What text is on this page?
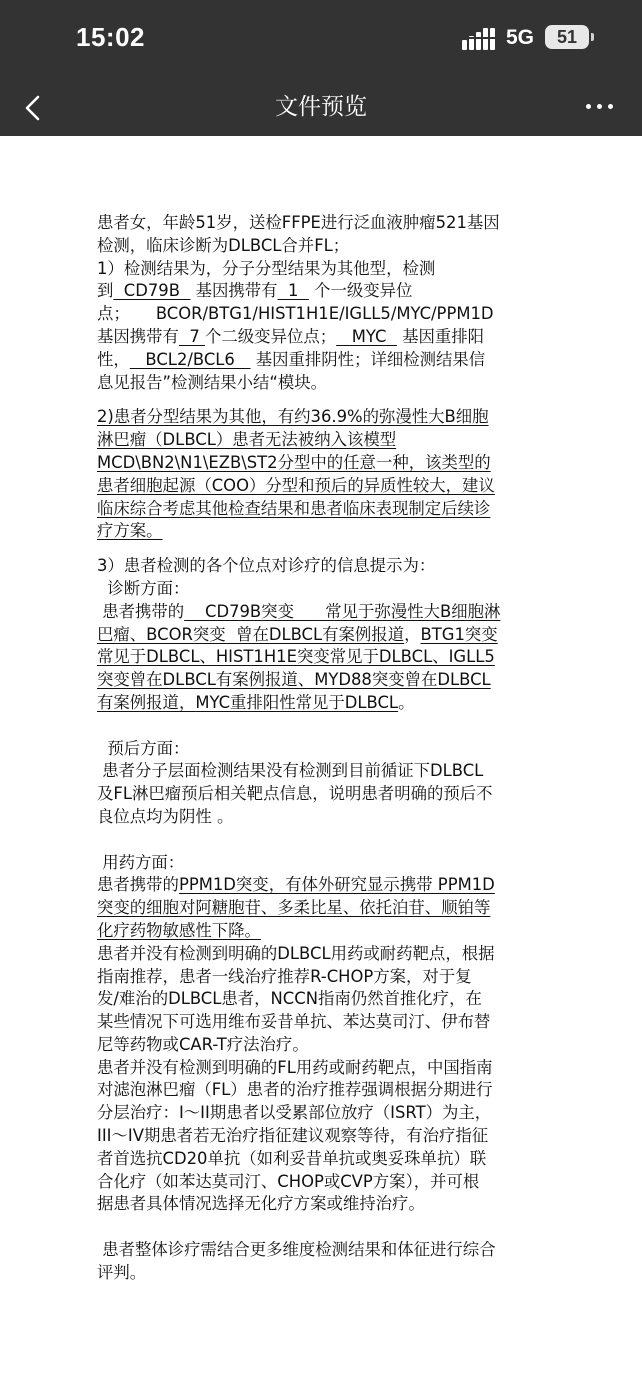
15:02	5G	51
文件预览
患者女，年龄51岁，送检FFPE进行泛血液肿瘤521基因
检测，临床诊断为DLBCL合并FL；
1）检测结果为，分子分型结果为其他型，检测
到  CD79B   基因携带有  1   个一级变异位
点；     BCOR/BTG1/HIST1H1E/IGLL5/MYC/PPM1D
基因携带有  7 个二级变异位点；   MYC   基因重排阳
性，   BCL2/BCL6    基因重排阴性；详细检测结果信
息见报告”检测结果小结“模块。
2)患者分型结果为其他，有约36.9%的弥漫性大B细胞
淋巴瘤（DLBCL）患者无法被纳入该模型
MCD\BN2\N1\EZB\ST2分型中的任意一种，该类型的
患者细胞起源（COO）分型和预后的异质性较大，建议
临床综合考虑其他检查结果和患者临床表现制定后续诊
疗方案。
3）患者检测的各个位点对诊疗的信息提示为：
诊断方面：
患者携带的    CD79B突变      常见于弥漫性大B细胞淋
巴瘤、BCOR突变  曾在DLBCL有案例报道，BTG1突变
常见于DLBCL、HIST1H1E突变常见于DLBCL、IGLL5
突变曾在DLBCL有案例报道、MYD88突变曾在DLBCL
有案例报道，MYC重排阳性常见于DLBCL。
预后方面：
患者分子层面检测结果没有检测到目前循证下DLBCL
及FL淋巴瘤预后相关靶点信息，说明患者明确的预后不
良位点均为阴性 。
用药方面：
患者携带的PPM1D突变，有体外研究显示携带 PPM1D
突变的细胞对阿糖胞苷、多柔比星、依托泊苷、顺铂等
化疗药物敏感性下降。
患者并没有检测到明确的DLBCL用药或耐药靶点，根据
指南推荐，患者一线治疗推荐R-CHOP方案，对于复
发/难治的DLBCL患者，NCCN指南仍然首推化疗，在
某些情况下可选用维布妥昔单抗、苯达莫司汀、伊布替
尼等药物或CAR-T疗法治疗。
患者并没有检测到明确的FL用药或耐药靶点，中国指南
对滤泡淋巴瘤（FL）患者的治疗推荐强调根据分期进行
分层治疗：I～II期患者以受累部位放疗（ISRT）为主，
III～IV期患者若无治疗指征建议观察等待，有治疗指征
者首选抗CD20单抗（如利妥昔单抗或奥妥珠单抗）联
合化疗（如苯达莫司汀、CHOP或CVP方案），并可根
据患者具体情况选择无化疗方案或维持治疗。
患者整体诊疗需结合更多维度检测结果和体征进行综合
评判。
